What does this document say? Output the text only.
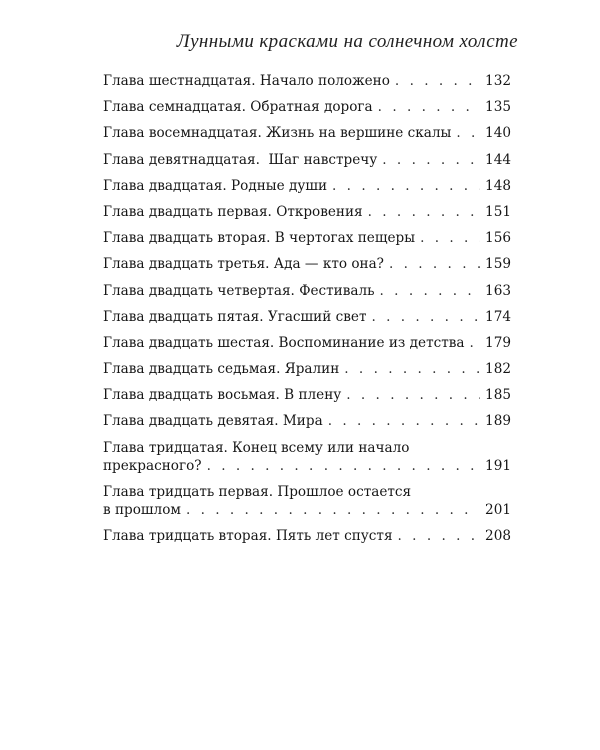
Лунными красками на солнечном холсте
Глава шестнадцатая. Начало положено . . .	132
Глава семнадцатая. Обратная дорога . . .	135
Глава восемнадцатая. Жизнь на вершине скалы . . . 140
Глава девятнадцатая.  Шаг навстречу . . .	144
Глава двадцатая. Родные души . . .	148
Глава двадцать первая. Откровения . . .	151
Глава двадцать вторая. В чертогах пещеры . . .	156
Глава двадцать третья. Ада — кто она? . . .	159
Глава двадцать четвертая. Фестиваль . . .	163
Глава двадцать пятая. Угасший свет . . .	174
Глава двадцать шестая. Воспоминание из детства . . . 179
Глава двадцать седьмая. Яралин . . .	182
Глава двадцать восьмая. В плену . . .	185
Глава двадцать девятая. Мира . . .	189
Глава тридцатая. Конец всему или начало
прекрасного? . . .	191
Глава тридцать первая. Прошлое остается
в прошлом . . .	201
Глава тридцать вторая. Пять лет спустя . . .	208
